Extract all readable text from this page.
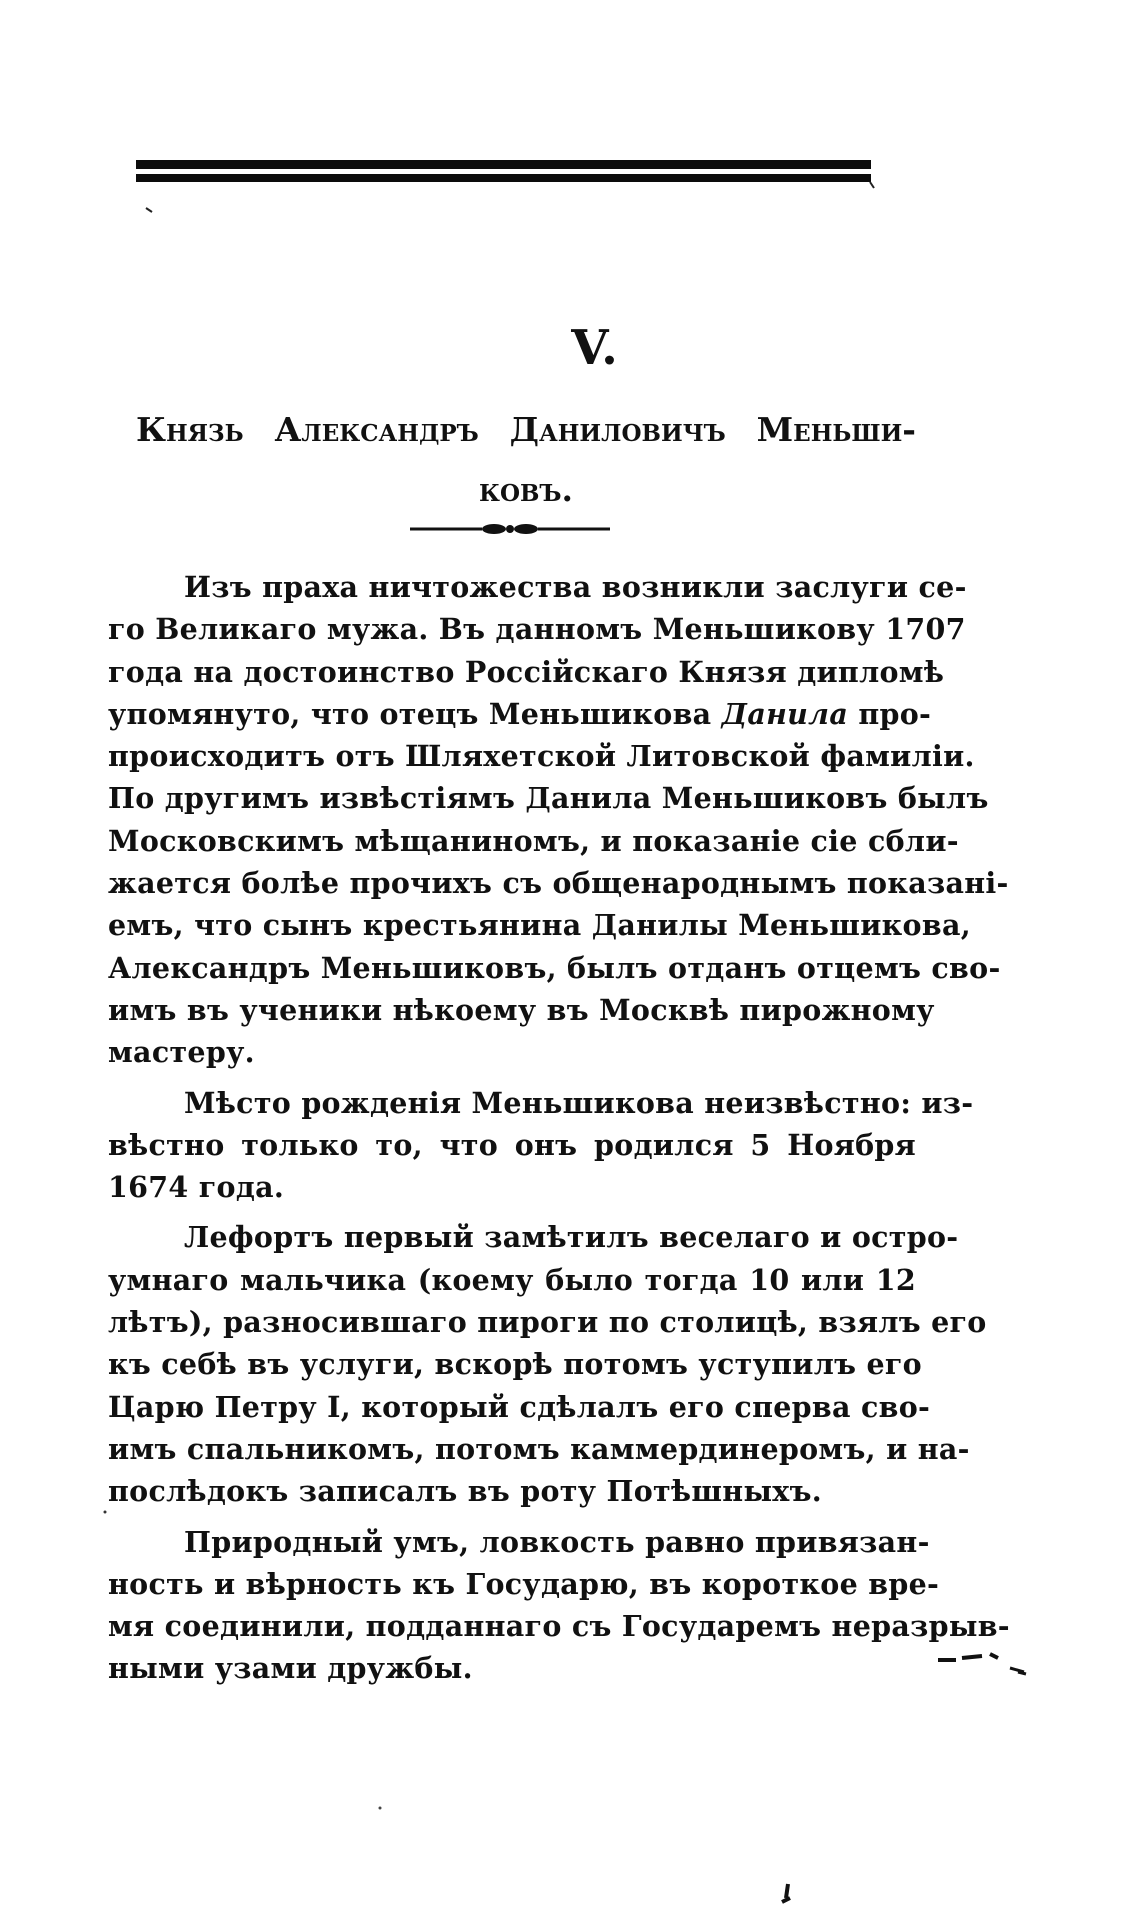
V.
Князь Александръ Даниловичъ Меньши-
ковъ.
Изъ праха ничтожества возникли заслуги се-
го Великаго мужа. Въ данномъ Меньшикову 1707
года на достоинство Россiйскаго Князя дипломѣ
упомянуто, что отецъ Меньшикова Данила про-
происходитъ отъ Шляхетской Литовской фамилiи.
По другимъ извѣстiямъ Данила Меньшиковъ былъ
Московскимъ мѣщаниномъ, и показанiе сiе сбли-
жается болѣе прочихъ съ общенароднымъ показанi-
емъ, что сынъ крестьянина Данилы Меньшикова,
Александръ Меньшиковъ, былъ отданъ отцемъ сво-
имъ въ ученики нѣкоему въ Москвѣ пирожному
мастеру.
Мѣсто рожденiя Меньшикова неизвѣстно: из-
вѣстно только то, что онъ родился 5 Ноября
1674 года.
Лефортъ первый замѣтилъ веселаго и остро-
умнаго мальчика (коему было тогда 10 или 12
лѣтъ), разносившаго пироги по столицѣ, взялъ его
къ себѣ въ услуги, вскорѣ потомъ уступилъ его
Царю Петру I, который сдѣлалъ его сперва сво-
имъ спальникомъ, потомъ каммердинеромъ, и на-
послѣдокъ записалъ въ роту Потѣшныхъ.
Природный умъ, ловкость равно привязан-
ность и вѣрность къ Государю, въ короткое вре-
мя соединили, подданнаго съ Государемъ неразрыв-
ными узами дружбы.
